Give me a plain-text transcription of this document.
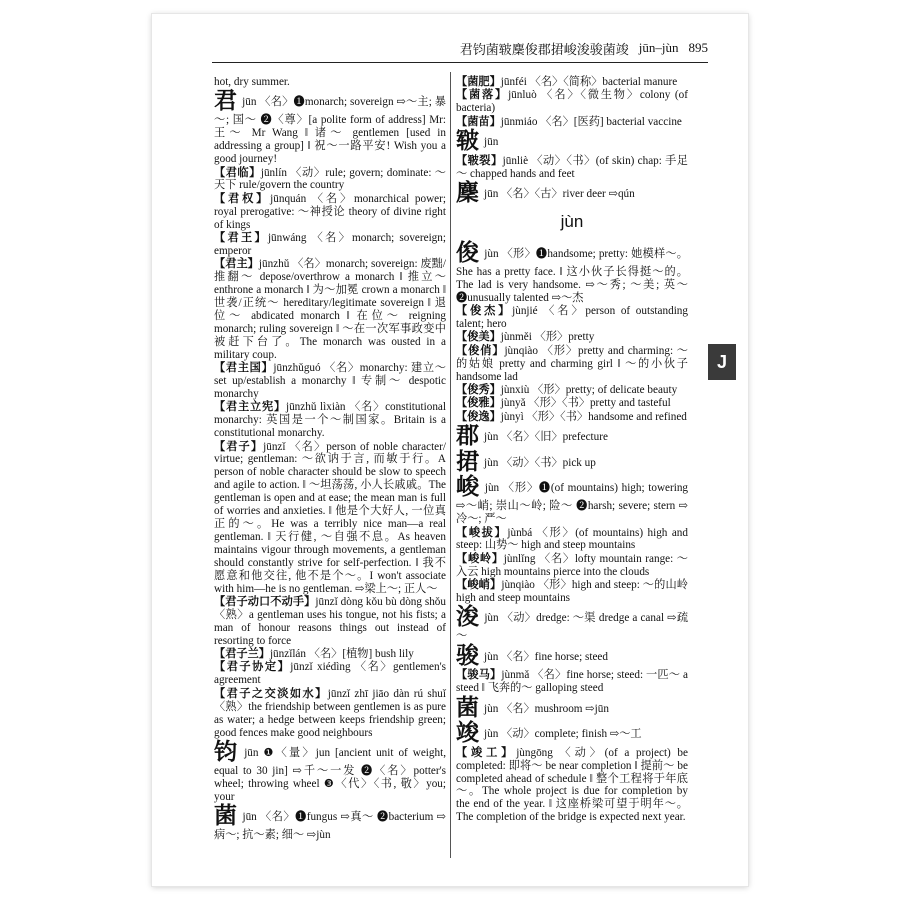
君钧菌皲麇俊郡捃峻浚骏菌竣 jūn–jùn 895
hot, dry summer.
君jūn 〈名〉❶monarch; sovereign ⇨～主; 暴～; 国～ ❷〈尊〉[a polite form of address] Mr: 王～ Mr Wang ‖ 诸～ gentlemen [used in addressing a group] ‖ 祝～一路平安! Wish you a good journey!
【君临】jūnlín 〈动〉rule; govern; dominate: ～天下 rule/govern the country
【君权】jūnquán 〈名〉monarchical power; royal prerogative: ～神授论 theory of divine right of kings
【君王】jūnwáng 〈名〉monarch; sovereign; emperor
【君主】jūnzhǔ 〈名〉monarch; sovereign: 废黜/推翻～ depose/overthrow a monarch ‖ 推立～ enthrone a monarch ‖ 为～加冕 crown a monarch ‖ 世袭/正统～ hereditary/legitimate sovereign ‖ 退位～ abdicated monarch ‖ 在位～ reigning monarch; ruling sovereign ‖ ～在一次军事政变中被赶下台了。The monarch was ousted in a military coup.
【君主国】jūnzhǔguó 〈名〉monarchy: 建立～ set up/establish a monarchy ‖ 专制～ despotic monarchy
【君主立宪】jūnzhǔ lìxiàn 〈名〉constitutional monarchy: 英国是一个～制国家。Britain is a constitutional monarchy.
【君子】jūnzǐ 〈名〉person of noble character/ virtue; gentleman: ～欲讷于言, 而敏于行。A person of noble character should be slow to speech and agile to action. ‖ ～坦荡荡, 小人长戚戚。The gentleman is open and at ease; the mean man is full of worries and anxieties. ‖ 他是个大好人, 一位真正的～。He was a terribly nice man—a real gentleman. ‖ 天行健, ～自强不息。As heaven maintains vigour through movements, a gentleman should constantly strive for self-perfection. ‖ 我不愿意和他交往, 他不是个～。I won't associate with him—he is no gentleman. ⇨梁上～; 正人～
【君子动口不动手】jūnzǐ dòng kǒu bù dòng shǒu 〈熟〉a gentleman uses his tongue, not his fists; a man of honour reasons things out instead of resorting to force
【君子兰】jūnzǐlán 〈名〉[植物] bush lily
【君子协定】jūnzǐ xiédìng 〈名〉gentlemen's agreement
【君子之交淡如水】jūnzǐ zhī jiāo dàn rú shuǐ 〈熟〉the friendship between gentlemen is as pure as water; a hedge between keeps friendship green; good fences make good neighbours
钧jūn ❶〈量〉jun [ancient unit of weight, equal to 30 jin] ⇨千～一发 ❷〈名〉potter's wheel; throwing wheel ❸〈代〉〈书, 敬〉you; your
菌jūn 〈名〉❶fungus ⇨真～ ❷bacterium ⇨病～; 抗～素; 细～ ⇨jùn
【菌肥】jūnféi 〈名〉〈简称〉bacterial manure
【菌落】jūnluò 〈名〉〈微生物〉colony (of bacteria)
【菌苗】jūnmiáo 〈名〉[医药] bacterial vaccine
皲jūn
【皲裂】jūnliè 〈动〉〈书〉(of skin) chap: 手足～ chapped hands and feet
麇jūn 〈名〉〈古〉river deer ⇨qún
jùn
俊jùn 〈形〉❶handsome; pretty: 她模样～。She has a pretty face. ‖ 这小伙子长得挺～的。The lad is very handsome. ⇨～秀; ～美; 英～ ❷unusually talented ⇨～杰
【俊杰】jùnjié 〈名〉person of outstanding talent; hero
【俊美】jùnměi 〈形〉pretty
【俊俏】jùnqiào 〈形〉pretty and charming: ～的姑娘 pretty and charming girl ‖ ～的小伙子 handsome lad
【俊秀】jùnxiù 〈形〉pretty; of delicate beauty
【俊雅】jùnyǎ 〈形〉〈书〉pretty and tasteful
【俊逸】jùnyì 〈形〉〈书〉handsome and refined
郡jùn 〈名〉〈旧〉prefecture
捃jùn 〈动〉〈书〉pick up
峻jùn 〈形〉❶(of mountains) high; towering ⇨～峭; 崇山～岭; 险～ ❷harsh; severe; stern ⇨冷～; 严～
【峻拔】jùnbá 〈形〉(of mountains) high and steep: 山势～ high and steep mountains
【峻岭】jùnlǐng 〈名〉lofty mountain range: ～入云 high mountains pierce into the clouds
【峻峭】jùnqiào 〈形〉high and steep: ～的山岭 high and steep mountains
浚jùn 〈动〉dredge: ～渠 dredge a canal ⇨疏～
骏jùn 〈名〉fine horse; steed
【骏马】jùnmǎ 〈名〉fine horse; steed: 一匹～ a steed ‖ 飞奔的～ galloping steed
菌jùn 〈名〉mushroom ⇨jūn
竣jùn 〈动〉complete; finish ⇨～工
【竣工】jùngōng 〈动〉(of a project) be completed: 即将～ be near completion ‖ 提前～ be completed ahead of schedule ‖ 整个工程将于年底～。The whole project is due for completion by the end of the year. ‖ 这座桥梁可望于明年～。The completion of the bridge is expected next year.
J
